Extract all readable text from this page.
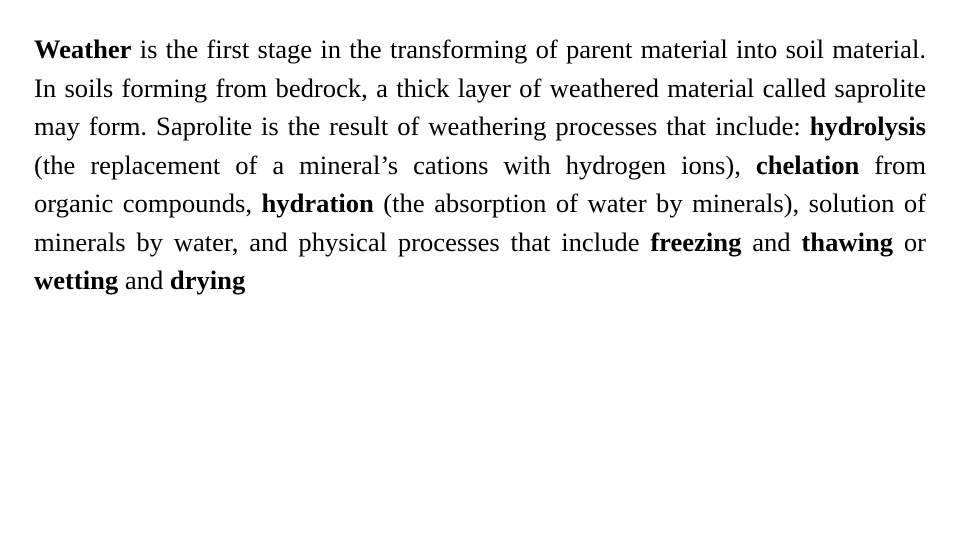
Weather is the first stage in the transforming of parent material into soil material. In soils forming from bedrock, a thick layer of weathered material called saprolite may form. Saprolite is the result of weathering processes that include: hydrolysis (the replacement of a mineral’s cations with hydrogen ions), chelation from organic compounds, hydration (the absorption of water by minerals), solution of minerals by water, and physical processes that include freezing and thawing or wetting and drying
